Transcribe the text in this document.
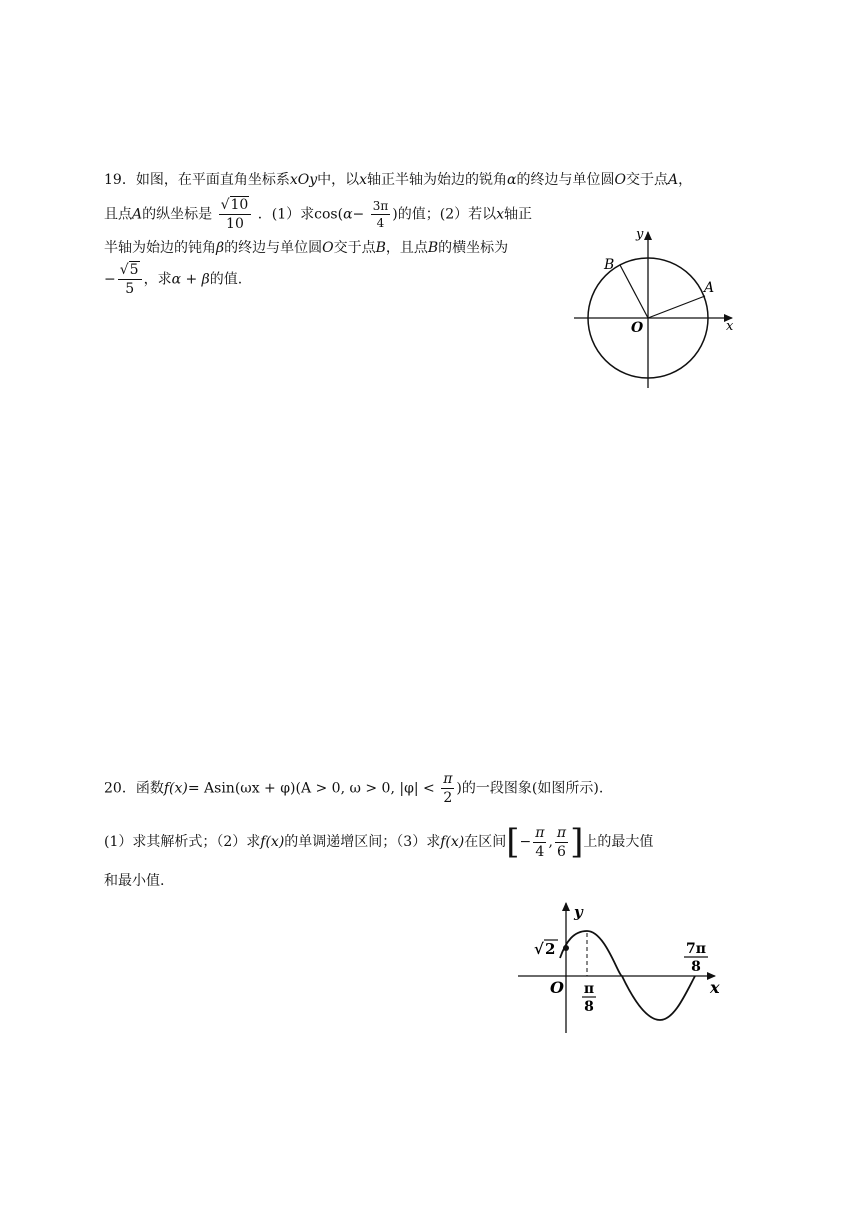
19．如图，在平面直角坐标系xOy中，以x轴正半轴为始边的锐角α的终边与单位圆O交于点A，
且点A的纵坐标是 $\frac{√10}{10}$ ．(1）求$\cos(\alpha- \frac{3\pi}{4}$ )的值；(2）若以x轴正
半轴为始边的钝角β的终边与单位圆O交于点B，且点B的横坐标为
− $\frac{√5}{5}$ ，求α + β的值.
y
x
O
A
B
20．函数f(x)= Asin(ωx + φ)(A > 0, ω > 0, $|\varphi| < \frac{\pi}{2}$ )的一段图象(如图所示).
(1）求其解析式；（2）求f(x)的单调递增区间；（3）求f(x)在区间[− $\frac{\pi}{4}$ , $\frac{\pi}{6}$ ]上的最大值
和最小值.
y
x
O
√ 2
π
8
7π
8
